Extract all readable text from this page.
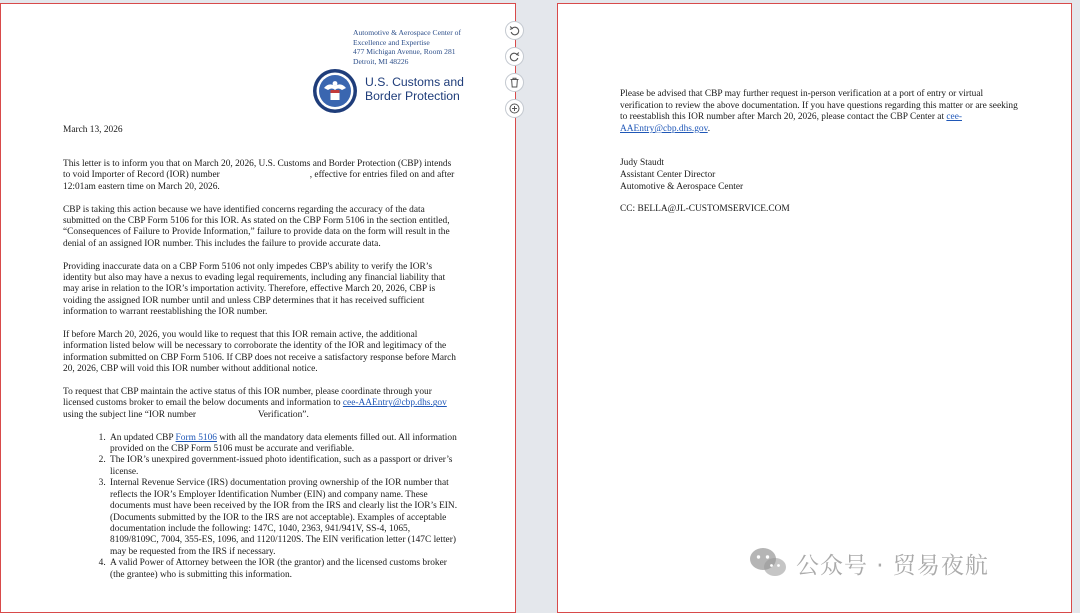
Automotive & Aerospace Center of
Excellence and Expertise
477 Michigan Avenue, Room 281
Detroit, MI 48226
U.S. Customs and
Border Protection
March 13, 2026

This letter is to inform you that on March 20, 2026, U.S. Customs and Border Protection (CBP) intends to void Importer of Record (IOR) number	, effective for entries filed on and after 12:01am eastern time on March 20, 2026.

CBP is taking this action because we have identified concerns regarding the accuracy of the data submitted on the CBP Form 5106 for this IOR. As stated on the CBP Form 5106 in the section entitled, “Consequences of Failure to Provide Information,” failure to provide data on the form will result in the denial of an assigned IOR number. This includes the failure to provide accurate data.

Providing inaccurate data on a CBP Form 5106 not only impedes CBP's ability to verify the IOR’s identity but also may have a nexus to evading legal requirements, including any financial liability that may arise in relation to the IOR’s importation activity. Therefore, effective March 20, 2026, CBP is voiding the assigned IOR number until and unless CBP determines that it has received sufficient information to warrant reestablishing the IOR number.

If before March 20, 2026, you would like to request that this IOR remain active, the additional information listed below will be necessary to corroborate the identity of the IOR and legitimacy of the information submitted on CBP Form 5106. If CBP does not receive a satisfactory response before March 20, 2026, CBP will void this IOR number without additional notice.

To request that CBP maintain the active status of this IOR number, please coordinate through your licensed customs broker to email the below documents and information to cee-AAEntry@cbp.dhs.gov using the subject line “IOR number	Verification”.

1. An updated CBP Form 5106 with all the mandatory data elements filled out. All information provided on the CBP Form 5106 must be accurate and verifiable.
2. The IOR’s unexpired government-issued photo identification, such as a passport or driver’s license.
3. Internal Revenue Service (IRS) documentation proving ownership of the IOR number that reflects the IOR’s Employer Identification Number (EIN) and company name. These documents must have been received by the IOR from the IRS and clearly list the IOR’s EIN. (Documents submitted by the IOR to the IRS are not acceptable). Examples of acceptable documentation include the following: 147C, 1040, 2363, 941/941V, SS-4, 1065, 8109/8109C, 7004, 355-ES, 1096, and 1120/1120S. The EIN verification letter (147C letter) may be requested from the IRS if necessary.
4. A valid Power of Attorney between the IOR (the grantor) and the licensed customs broker (the grantee) who is submitting this information.

Please be advised that CBP may further request in-person verification at a port of entry or virtual verification to review the above documentation. If you have questions regarding this matter or are seeking to reestablish this IOR number after March 20, 2026, please contact the CBP Center at cee-AAEntry@cbp.dhs.gov.

Judy Staudt
Assistant Center Director
Automotive & Aerospace Center
CC: BELLA@JL-CUSTOMSERVICE.COM
公众号 · 贸易夜航
